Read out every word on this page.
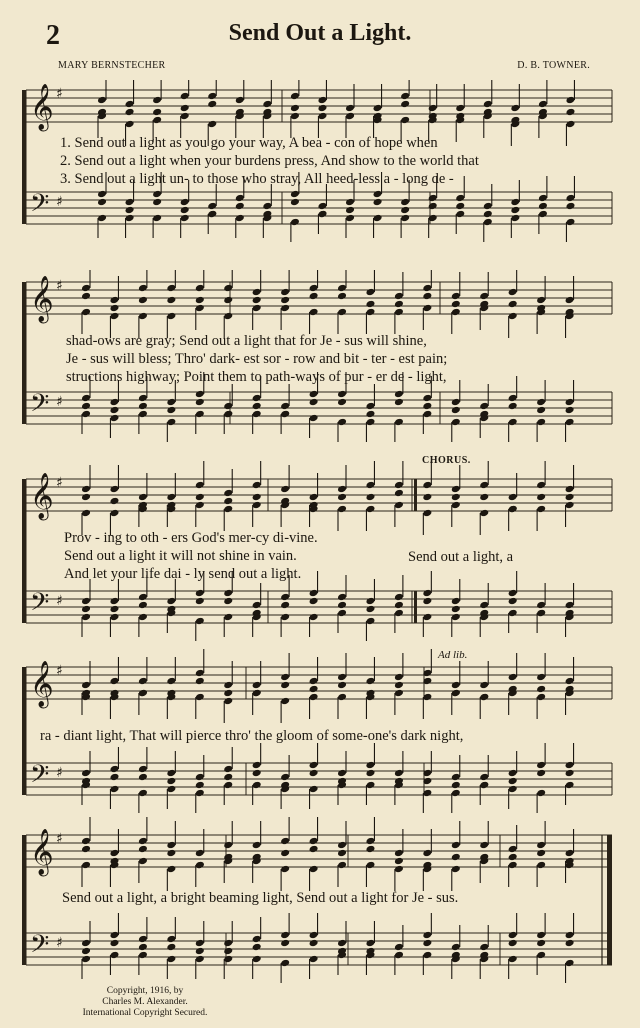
2	Send Out a Light.
MARY BERNSTECHER	D. B. TOWNER.
𝄞
𝄢
♯
♯
1. Send out a light as you go your way, A bea - con of hope when
2. Send out a light when your burdens press, And show to the world that
3. Send out a light un- to those who stray, All heed-less a - long de -
𝄞
𝄢
♯
♯
shad-ows are gray; Send out a light that for Je - sus will shine,
Je - sus will bless; Thro' dark- est sor - row and bit - ter - est pain;
structions highway; Point them to path-ways of pur - er de - light,
CHORUS.
𝄞
𝄢
♯
♯
Prov - ing to oth - ers God's mer-cy di-vine.
Send out a light it will not shine in vain.
And let your life dai - ly send out a light.
Send out a light, a
Ad lib.
𝄞
𝄢
♯
♯
ra - diant light, That will pierce thro' the gloom of some-one's dark night,
𝄞
𝄢
♯
♯
Send out a light, a bright beaming light, Send out a light for Je - sus.
Copyright, 1916, by
Charles M. Alexander.
International Copyright Secured.
